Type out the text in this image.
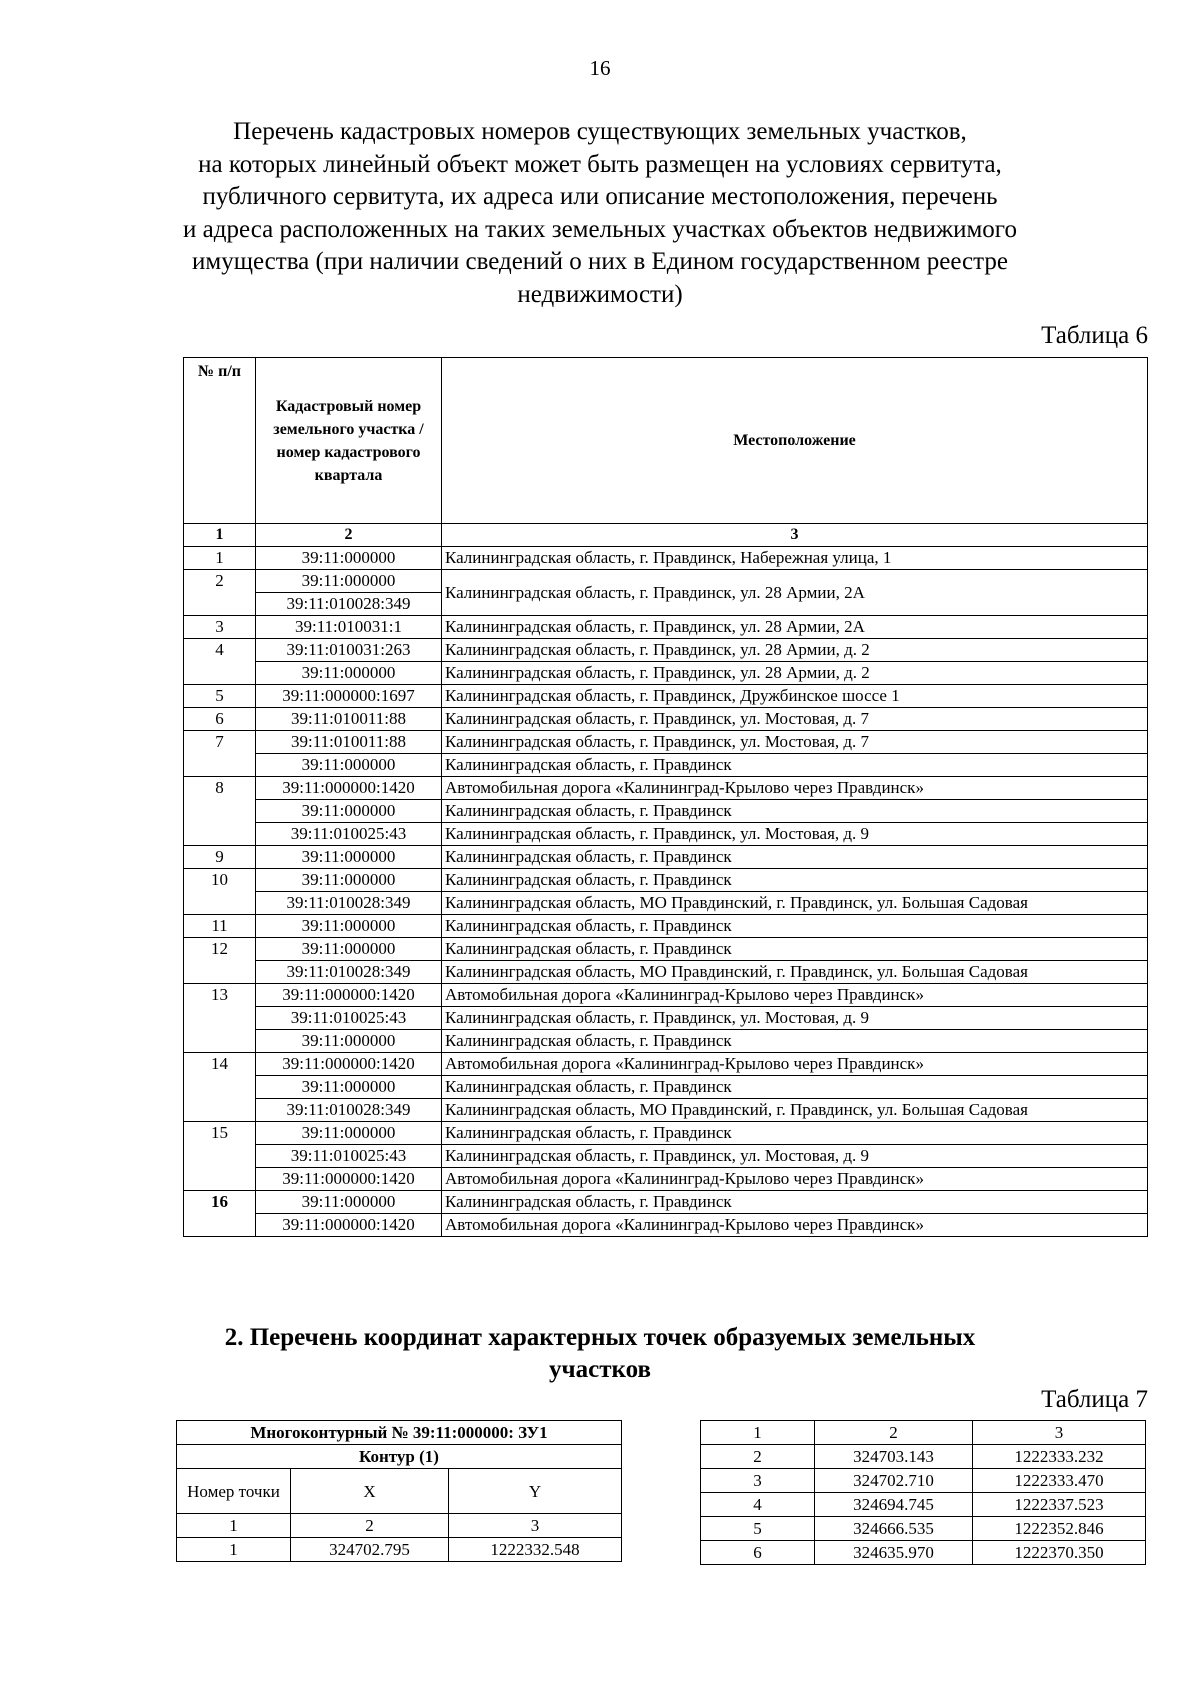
16
Перечень кадастровых номеров существующих земельных участков,
на которых линейный объект может быть размещен на условиях сервитута,
публичного сервитута, их адреса или описание местоположения, перечень
и адреса расположенных на таких земельных участках объектов недвижимого
имущества (при наличии сведений о них в Едином государственном реестре
недвижимости)
Таблица 6
№ п/п	Кадастровый номер земельного участка /номер кадастрового квартала	Местоположение
1	2	3
1	39:11:000000	Калининградская область, г. Правдинск, Набережная улица, 1
2	39:11:000000	Калининградская область, г. Правдинск, ул. 28 Армии, 2А
	39:11:010028:349	
3	39:11:010031:1	Калининградская область, г. Правдинск, ул. 28 Армии, 2А
4	39:11:010031:263	Калининградская область, г. Правдинск, ул. 28 Армии, д. 2
	39:11:000000	Калининградская область, г. Правдинск, ул. 28 Армии, д. 2
5	39:11:000000:1697	Калининградская область, г. Правдинск, Дружбинское шоссе 1
6	39:11:010011:88	Калининградская область, г. Правдинск, ул. Мостовая, д. 7
7	39:11:010011:88	Калининградская область, г. Правдинск, ул. Мостовая, д. 7
	39:11:000000	Калининградская область, г. Правдинск
8	39:11:000000:1420	Автомобильная дорога «Калининград-Крылово через Правдинск»
	39:11:000000	Калининградская область, г. Правдинск
	39:11:010025:43	Калининградская область, г. Правдинск, ул. Мостовая, д. 9
9	39:11:000000	Калининградская область, г. Правдинск
10	39:11:000000	Калининградская область, г. Правдинск
	39:11:010028:349	Калининградская область, МО Правдинский, г. Правдинск, ул. Большая Садовая
11	39:11:000000	Калининградская область, г. Правдинск
12	39:11:000000	Калининградская область, г. Правдинск
	39:11:010028:349	Калининградская область, МО Правдинский, г. Правдинск, ул. Большая Садовая
13	39:11:000000:1420	Автомобильная дорога «Калининград-Крылово через Правдинск»
	39:11:010025:43	Калининградская область, г. Правдинск, ул. Мостовая, д. 9
	39:11:000000	Калининградская область, г. Правдинск
14	39:11:000000:1420	Автомобильная дорога «Калининград-Крылово через Правдинск»
	39:11:000000	Калининградская область, г. Правдинск
	39:11:010028:349	Калининградская область, МО Правдинский, г. Правдинск, ул. Большая Садовая
15	39:11:000000	Калининградская область, г. Правдинск
	39:11:010025:43	Калининградская область, г. Правдинск, ул. Мостовая, д. 9
	39:11:000000:1420	Автомобильная дорога «Калининград-Крылово через Правдинск»
16	39:11:000000	Калининградская область, г. Правдинск
	39:11:000000:1420	Автомобильная дорога «Калининград-Крылово через Правдинск»
2. Перечень координат характерных точек образуемых земельных
участков
Таблица 7
Многоконтурный № 39:11:000000: ЗУ1		
Контур (1)		
Номер точки	X	Y
1	2	3
1	324702.795	1222332.548
1	2	3
2	324703.143	1222333.232
3	324702.710	1222333.470
4	324694.745	1222337.523
5	324666.535	1222352.846
6	324635.970	1222370.350
